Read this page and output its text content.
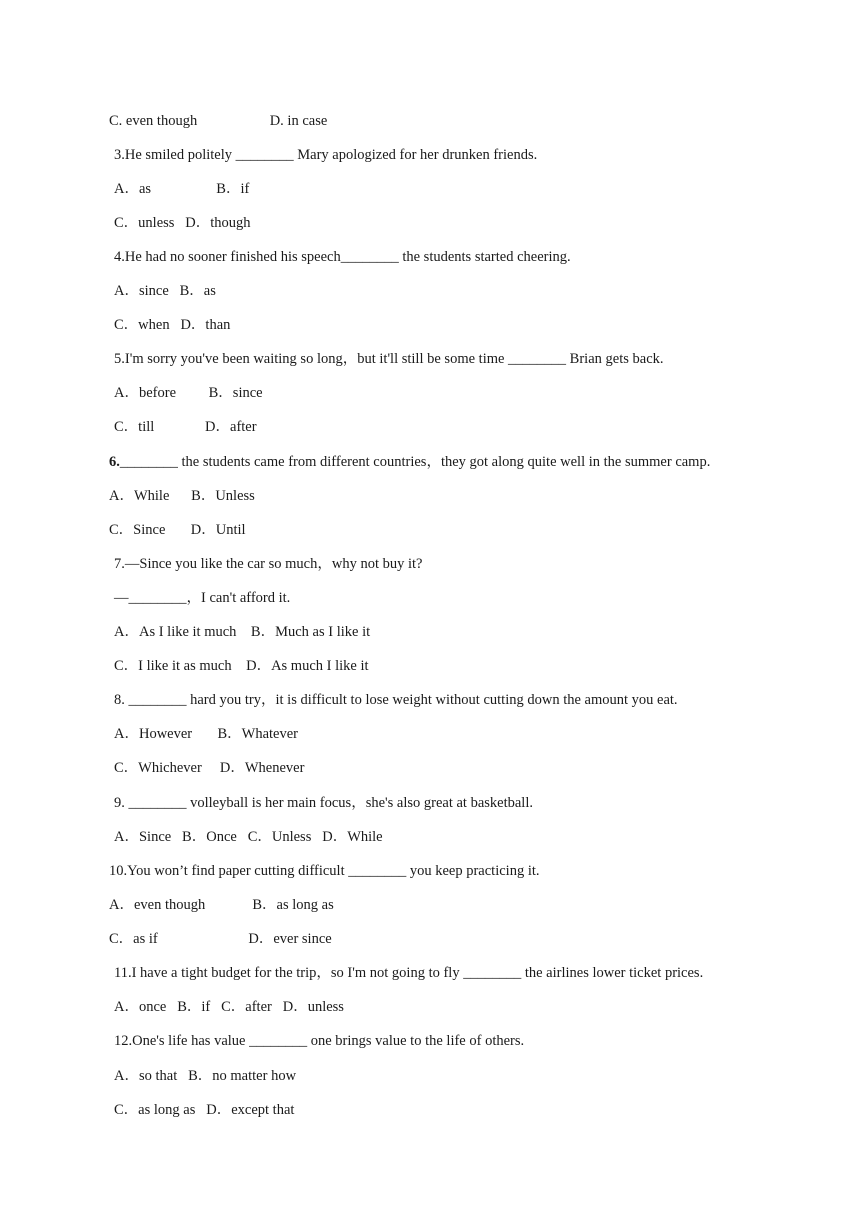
C. even though                    D. in case
3.He smiled politely ________ Mary apologized for her drunken friends.
A．as                  B．if
C．unless   D．though
4.He had no sooner finished his speech________ the students started cheering.
A．since   B．as
C．when   D．than
5.I'm sorry you've been waiting so long，but it'll still be some time ________ Brian gets back.
A．before         B．since
C．till              D．after
6.________ the students came from different countries，they got along quite well in the summer camp.
A．While      B．Unless
C．Since       D．Until
7.—Since you like the car so much，why not buy it?
—________，I can't afford it.
A．As I like it much    B．Much as I like it
C．I like it as much    D．As much I like it
8. ________ hard you try，it is difficult to lose weight without cutting down the amount you eat.
A．However       B．Whatever
C．Whichever     D．Whenever
9. ________ volleyball is her main focus，she's also great at basketball.
A．Since   B．Once   C．Unless   D．While
10.You won’t find paper cutting difficult ________ you keep practicing it.
A．even though             B．as long as
C．as if                         D．ever since
11.I have a tight budget for the trip，so I'm not going to fly ________ the airlines lower ticket prices.
A．once   B．if   C．after   D．unless
12.One's life has value ________ one brings value to the life of others.
A．so that   B．no matter how
C．as long as   D．except that
